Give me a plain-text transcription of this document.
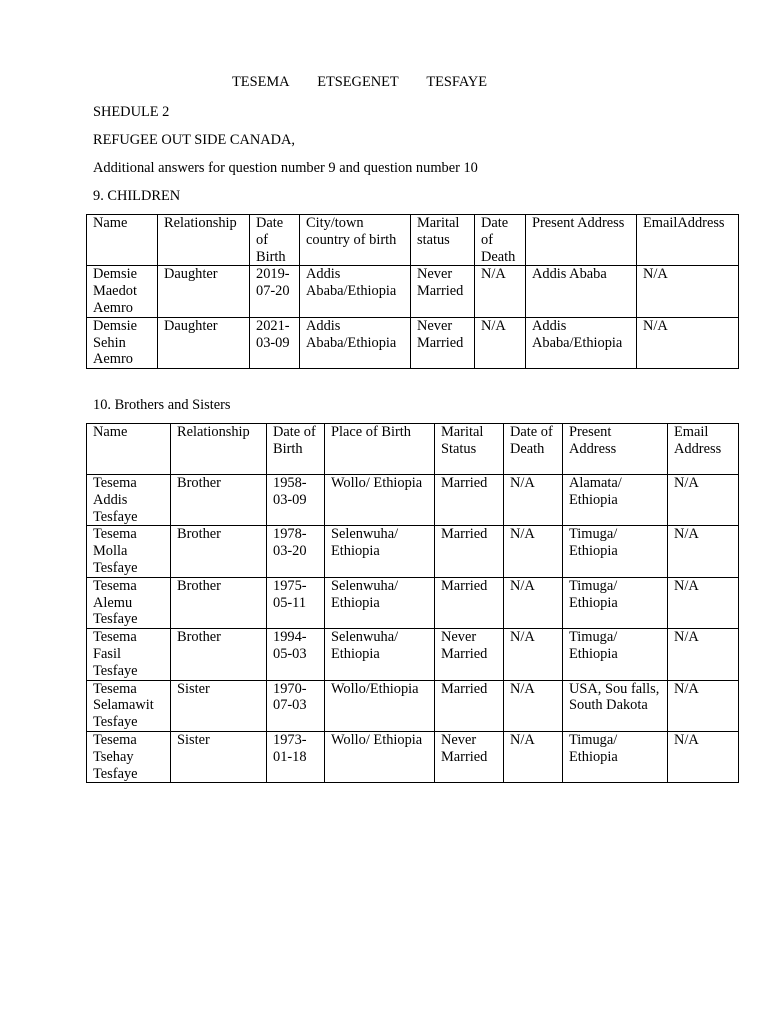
TESEMA ETSEGENET TESFAYE
SHEDULE 2
REFUGEE OUT SIDE CANADA,
Additional answers for question number 9 and question number 10
9. CHILDREN
Name	Relationship	Date of Birth	City/town country of birth	Marital status	Date of Death	Present Address	EmailAddress
Demsie Maedot Aemro	Daughter	2019-07-20	Addis Ababa/Ethiopia	Never Married	N/A	Addis Ababa	N/A
Demsie Sehin Aemro	Daughter	2021-03-09	Addis Ababa/Ethiopia	Never Married	N/A	Addis Ababa/Ethiopia	N/A
10. Brothers and Sisters
Name	Relationship	Date of Birth	Place of Birth	Marital Status	Date of Death	Present Address	Email Address
Tesema Addis Tesfaye	Brother	1958-03-09	Wollo/ Ethiopia	Married	N/A	Alamata/ Ethiopia	N/A
Tesema Molla Tesfaye	Brother	1978-03-20	Selenwuha/ Ethiopia	Married	N/A	Timuga/ Ethiopia	N/A
Tesema Alemu Tesfaye	Brother	1975-05-11	Selenwuha/ Ethiopia	Married	N/A	Timuga/ Ethiopia	N/A
Tesema Fasil Tesfaye	Brother	1994-05-03	Selenwuha/ Ethiopia	Never Married	N/A	Timuga/ Ethiopia	N/A
Tesema Selamawit Tesfaye	Sister	1970-07-03	Wollo/Ethiopia	Married	N/A	USA, Sou falls, South Dakota	N/A
Tesema Tsehay Tesfaye	Sister	1973-01-18	Wollo/ Ethiopia	Never Married	N/A	Timuga/ Ethiopia	N/A
